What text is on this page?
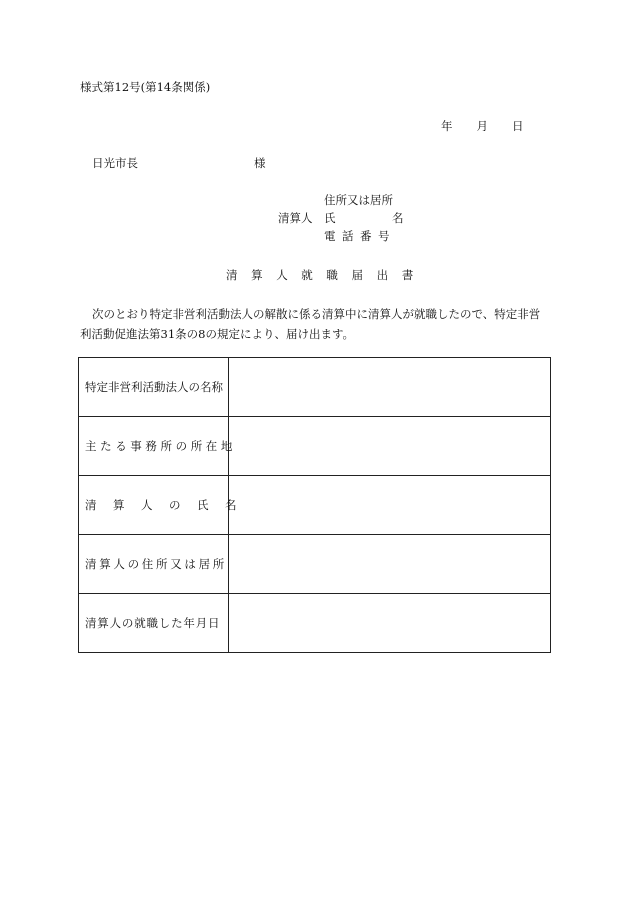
様式第12号(第14条関係)
年 月 日
日光市長	様
住所又は居所
清算人 氏	名
電話番号
清算人就職届出書
次のとおり特定非営利活動法人の解散に係る清算中に清算人が就職したので、特定非営利活動促進法第31条の8の規定により、届け出ます。
特定非営利活動法人の名称	
主たる事務所の所在地	
清算人の氏名	
清算人の住所又は居所	
清算人の就職した年月日	
